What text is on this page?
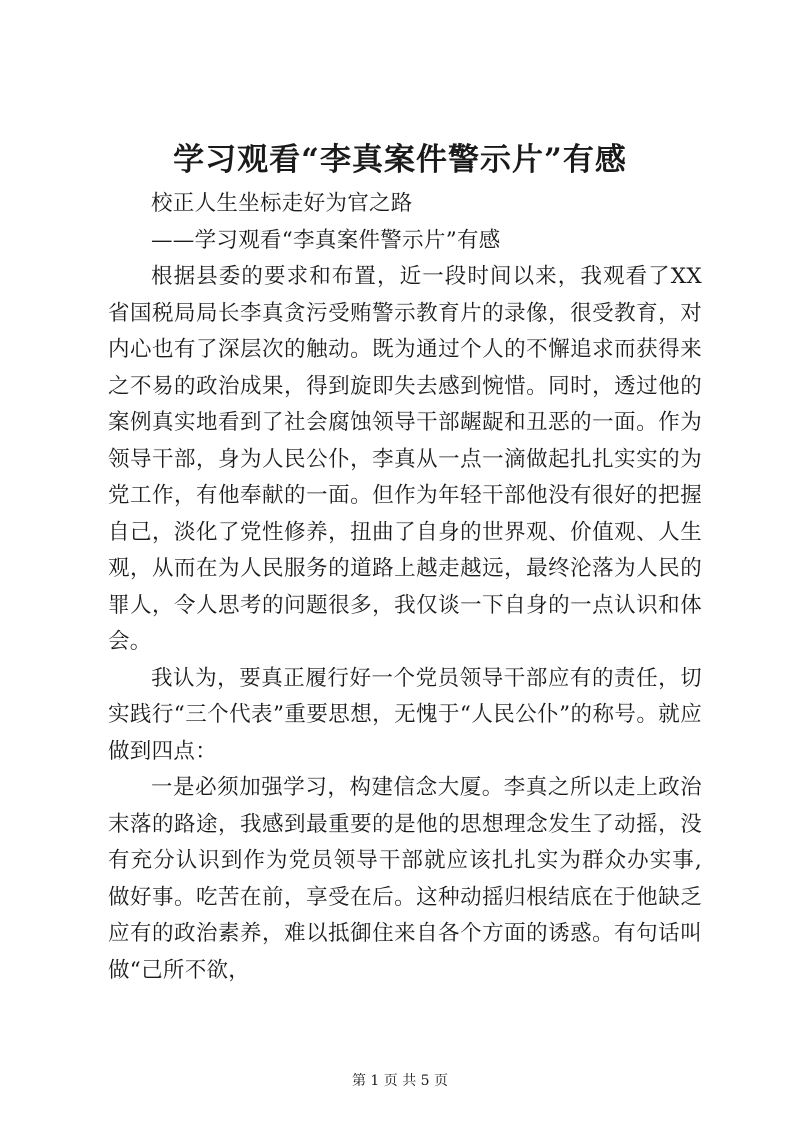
学习观看“李真案件警示片”有感

校正人生坐标走好为官之路

——学习观看“李真案件警示片”有感

根据县委的要求和布置，近一段时间以来，我观看了XX省国税局局长李真贪污受贿警示教育片的录像，很受教育，对内心也有了深层次的触动。既为通过个人的不懈追求而获得来之不易的政治成果，得到旋即失去感到惋惜。同时，透过他的案例真实地看到了社会腐蚀领导干部龌龊和丑恶的一面。作为领导干部，身为人民公仆，李真从一点一滴做起扎扎实实的为党工作，有他奉献的一面。但作为年轻干部他没有很好的把握自己，淡化了党性修养，扭曲了自身的世界观、价值观、人生观，从而在为人民服务的道路上越走越远，最终沦落为人民的罪人，令人思考的问题很多，我仅谈一下自身的一点认识和体会。

我认为，要真正履行好一个党员领导干部应有的责任，切实践行“三个代表”重要思想，无愧于“人民公仆”的称号。就应做到四点：

一是必须加强学习，构建信念大厦。李真之所以走上政治末落的路途，我感到最重要的是他的思想理念发生了动摇，没有充分认识到作为党员领导干部就应该扎扎实为群众办实事,做好事。吃苦在前，享受在后。这种动摇归根结底在于他缺乏应有的政治素养，难以抵御住来自各个方面的诱惑。有句话叫做“己所不欲，

第 1 页 共 5 页
